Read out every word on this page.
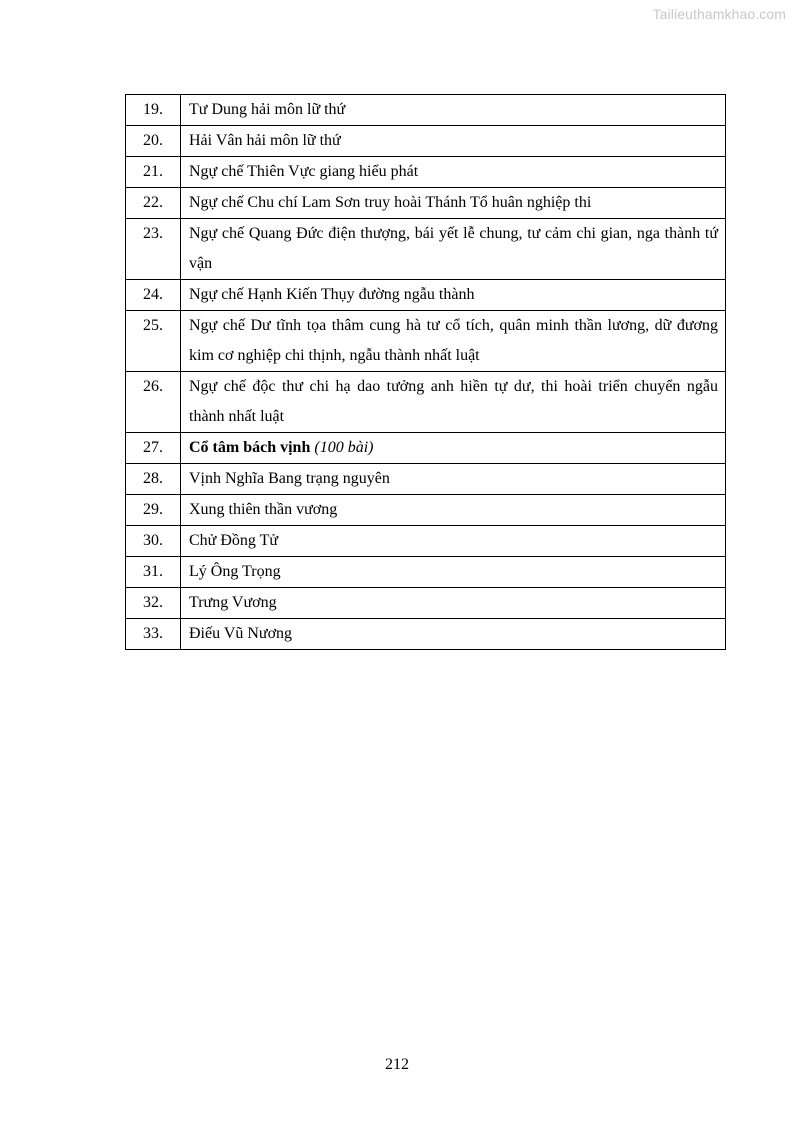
Tailieuthamkhao.com
19.	Tư Dung hải môn lữ thứ
20.	Hải Vân hải môn lữ thứ
21.	Ngự chế Thiên Vực giang hiểu phát
22.	Ngự chế Chu chí Lam Sơn truy hoài Thánh Tổ huân nghiệp thi
23.	Ngự chế Quang Đức điện thượng, bái yết lễ chung, tư cảm chi gian, nga thành tứ vận
24.	Ngự chế Hạnh Kiến Thụy đường ngẫu thành
25.	Ngự chế Dư tĩnh tọa thâm cung hà tư cổ tích, quân minh thần lương, dữ đương kim cơ nghiệp chi thịnh, ngẫu thành nhất luật
26.	Ngự chế độc thư chi hạ dao tưởng anh hiền tự dư, thi hoài triển chuyển ngẫu thành nhất luật
27.	Cổ tâm bách vịnh (100 bài)
28.	Vịnh Nghĩa Bang trạng nguyên
29.	Xung thiên thần vương
30.	Chử Đồng Tử
31.	Lý Ông Trọng
32.	Trưng Vương
33.	Điếu Vũ Nương
212
